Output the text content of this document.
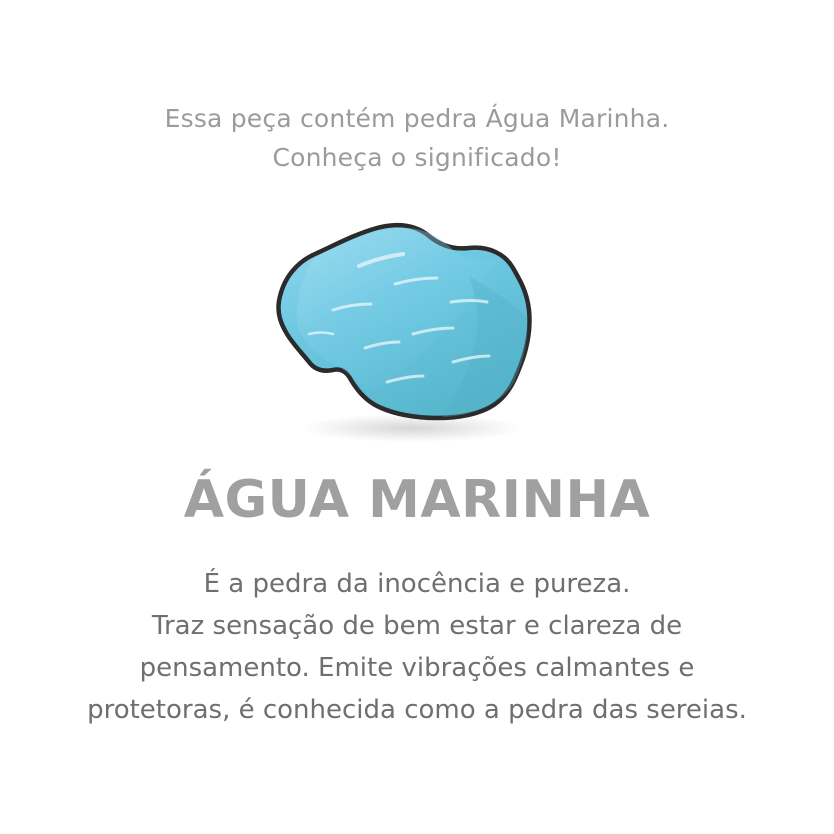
Essa peça contém pedra Água Marinha.
Conheça o significado!
ÁGUA MARINHA
É a pedra da inocência e pureza.
Traz sensação de bem estar e clareza de
pensamento. Emite vibrações calmantes e
protetoras, é conhecida como a pedra das sereias.
